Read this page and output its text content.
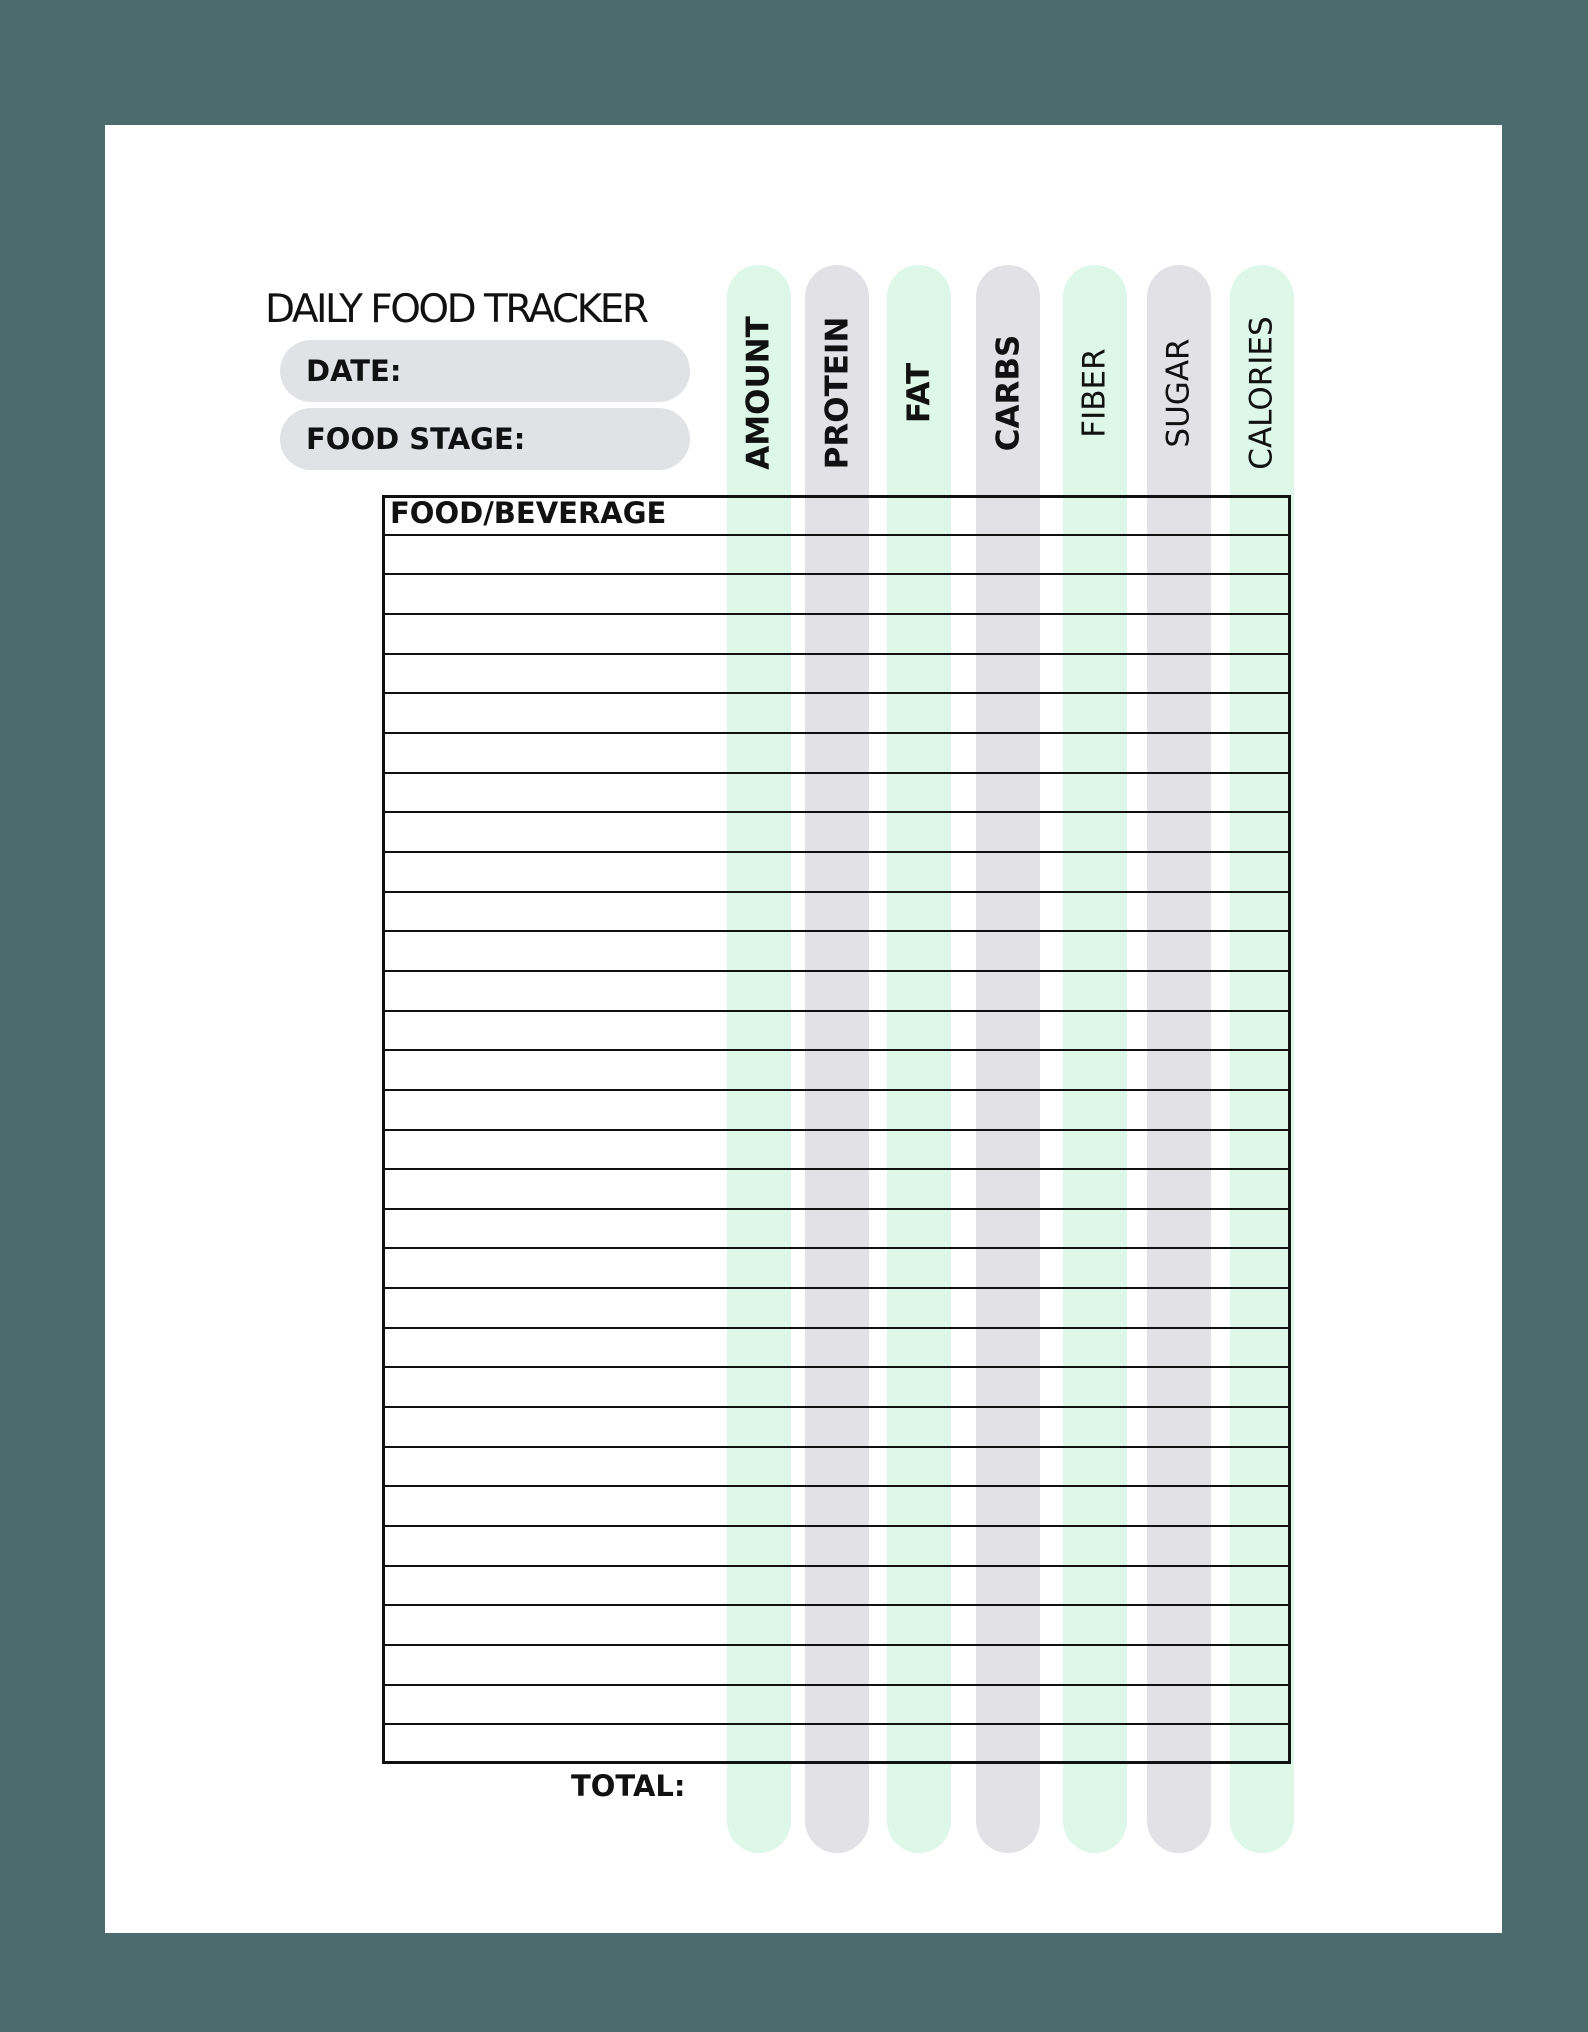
DAILY FOOD TRACKER
DATE:
FOOD STAGE:	AMOUNT PROTEIN FAT CARBS FIBER SUGAR CALORIES
FOOD/BEVERAGE
TOTAL:
